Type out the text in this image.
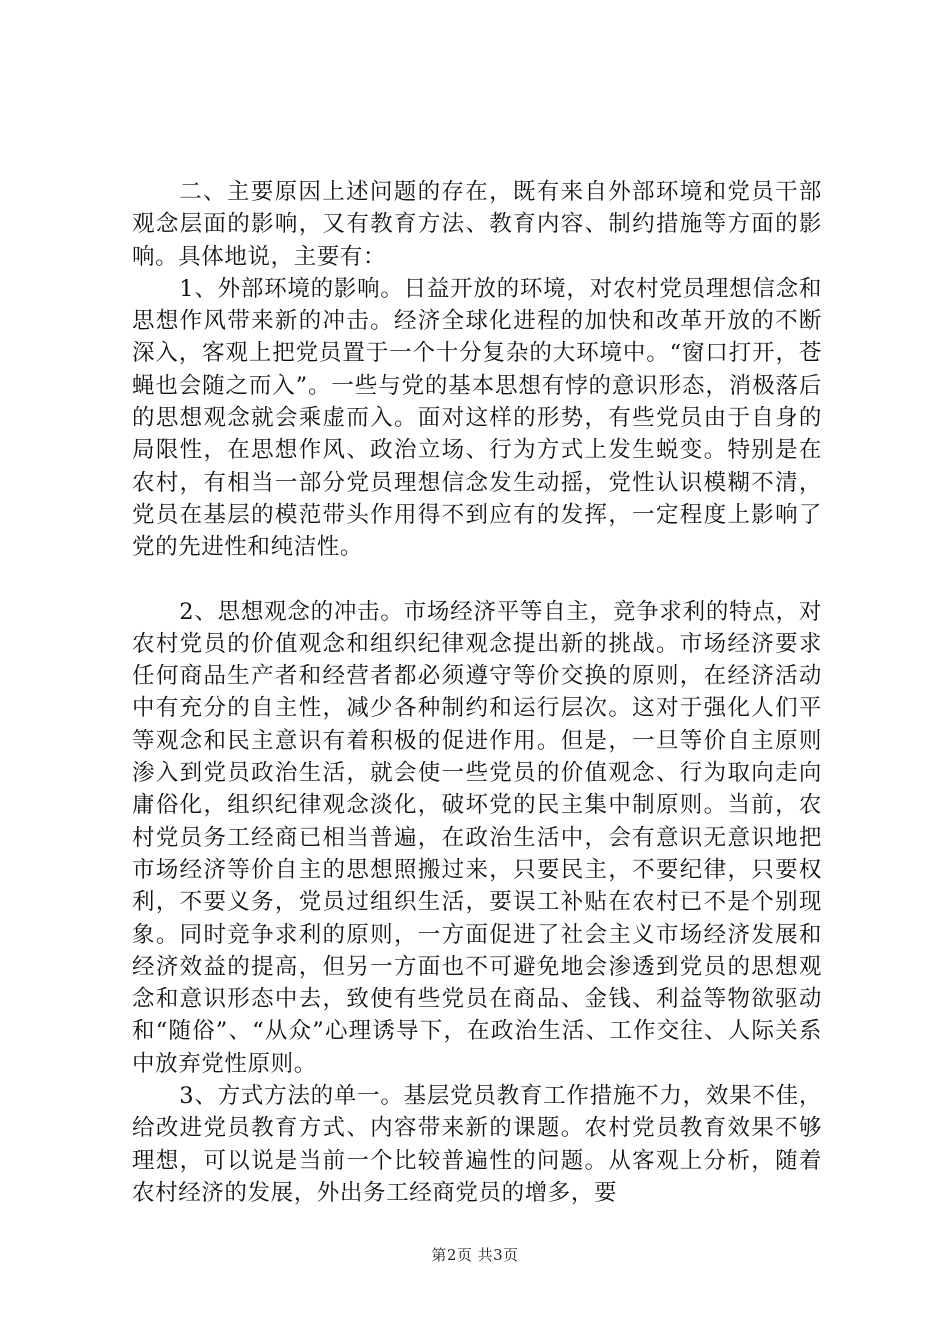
二、主要原因上述问题的存在，既有来自外部环境和党员干部观念层面的影响，又有教育方法、教育内容、制约措施等方面的影响。具体地说，主要有：

1、外部环境的影响。日益开放的环境，对农村党员理想信念和思想作风带来新的冲击。经济全球化进程的加快和改革开放的不断深入，客观上把党员置于一个十分复杂的大环境中。“窗口打开，苍蝇也会随之而入”。一些与党的基本思想有悖的意识形态，消极落后的思想观念就会乘虚而入。面对这样的形势，有些党员由于自身的局限性，在思想作风、政治立场、行为方式上发生蜕变。特别是在农村，有相当一部分党员理想信念发生动摇，党性认识模糊不清，党员在基层的模范带头作用得不到应有的发挥，一定程度上影响了党的先进性和纯洁性。

2、思想观念的冲击。市场经济平等自主，竞争求利的特点，对农村党员的价值观念和组织纪律观念提出新的挑战。市场经济要求任何商品生产者和经营者都必须遵守等价交换的原则，在经济活动中有充分的自主性，减少各种制约和运行层次。这对于强化人们平等观念和民主意识有着积极的促进作用。但是，一旦等价自主原则渗入到党员政治生活，就会使一些党员的价值观念、行为取向走向庸俗化，组织纪律观念淡化，破坏党的民主集中制原则。当前，农村党员务工经商已相当普遍，在政治生活中，会有意识无意识地把市场经济等价自主的思想照搬过来，只要民主，不要纪律，只要权利，不要义务，党员过组织生活，要误工补贴在农村已不是个别现象。同时竞争求利的原则，一方面促进了社会主义市场经济发展和经济效益的提高，但另一方面也不可避免地会渗透到党员的思想观念和意识形态中去，致使有些党员在商品、金钱、利益等物欲驱动和“随俗”、“从众”心理诱导下，在政治生活、工作交往、人际关系中放弃党性原则。

3、方式方法的单一。基层党员教育工作措施不力，效果不佳，给改进党员教育方式、内容带来新的课题。农村党员教育效果不够理想，可以说是当前一个比较普遍性的问题。从客观上分析，随着农村经济的发展，外出务工经商党员的增多，要

第2页 共3页
